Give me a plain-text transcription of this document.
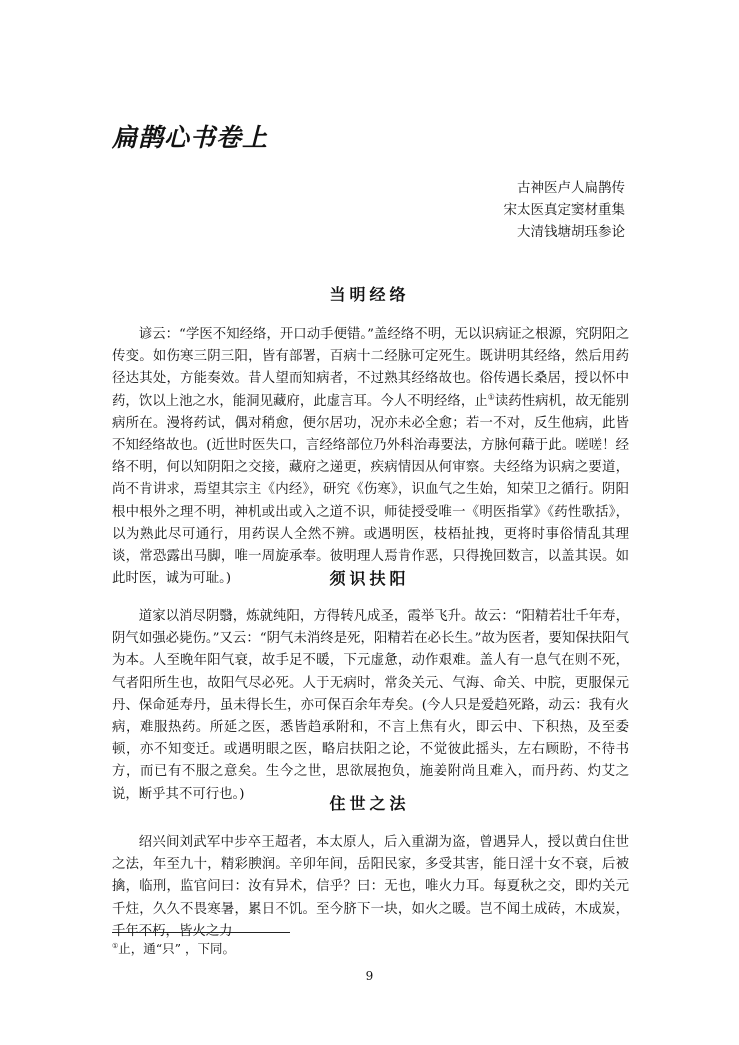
扁鹊心书卷上
古神医卢人扁鹊传
宋太医真定窦材重集
大清钱塘胡珏参论
当明经络

谚云：“学医不知经络，开口动手便错。”盖经络不明，无以识病证之根源，究阴阳之传变。如伤寒三阴三阳，皆有部署，百病十二经脉可定死生。既讲明其经络，然后用药径达其处，方能奏效。昔人望而知病者，不过熟其经络故也。俗传遇长桑居，授以怀中药，饮以上池之水，能洞见藏府，此虚言耳。今人不明经络，止①读药性病机，故无能别病所在。漫将药试，偶对稍愈，便尔居功，况亦未必全愈；若一不对，反生他病，此皆不知经络故也。(近世时医失口，言经络部位乃外科治毒要法，方脉何藉于此。嗟嗟！经络不明，何以知阴阳之交接，藏府之递更，疾病情因从何审察。夫经络为识病之要道，尚不肯讲求，焉望其宗主《内经》，研究《伤寒》，识血气之生始，知荣卫之循行。阴阳根中根外之理不明，神机或出或入之道不识，师徒授受唯一《明医指掌》《药性歌括》，以为熟此尽可通行，用药误人全然不辨。或遇明医，枝梧扯拽，更将时事俗情乱其理谈，常恐露出马脚，唯一周旋承奉。彼明理人焉肯作恶，只得挽回数言，以盖其误。如此时医，诚为可耻。)	须识扶阳

道家以消尽阴翳，炼就纯阳，方得转凡成圣，霞举飞升。故云：“阳精若壮千年寿，阴气如强必毙伤。”又云：“阴气未消终是死，阳精若在必长生。”故为医者，要知保扶阳气为本。人至晚年阳气衰，故手足不暖，下元虚惫，动作艰难。盖人有一息气在则不死，气者阳所生也，故阳气尽必死。人于无病时，常灸关元、气海、命关、中脘，更服保元丹、保命延寿丹，虽未得长生，亦可保百余年寿矣。(今人只是爱趋死路，动云：我有火病，难服热药。所延之医，悉皆趋承附和，不言上焦有火，即云中、下积热，及至委顿，亦不知变迁。或遇明眼之医，略启扶阳之论，不觉彼此摇头，左右顾盼，不待书方，而已有不服之意矣。生今之世，思欲展抱负，施姜附尚且难入，而丹药、灼艾之说，断乎其不可行也。)	住世之法

绍兴间刘武军中步卒王超者，本太原人，后入重湖为盗，曾遇异人，授以黄白住世之法，年至九十，精彩腴润。辛卯年间，岳阳民家，多受其害，能日淫十女不衰，后被擒，临刑，监官问曰：汝有异术，信乎？曰：无也，唯火力耳。每夏秋之交，即灼关元千炷，久久不畏寒暑，累日不饥。至今脐下一块，如火之暖。岂不闻土成砖，木成炭，千年不朽，皆火之力

①止，通“只” ，下同。
9
